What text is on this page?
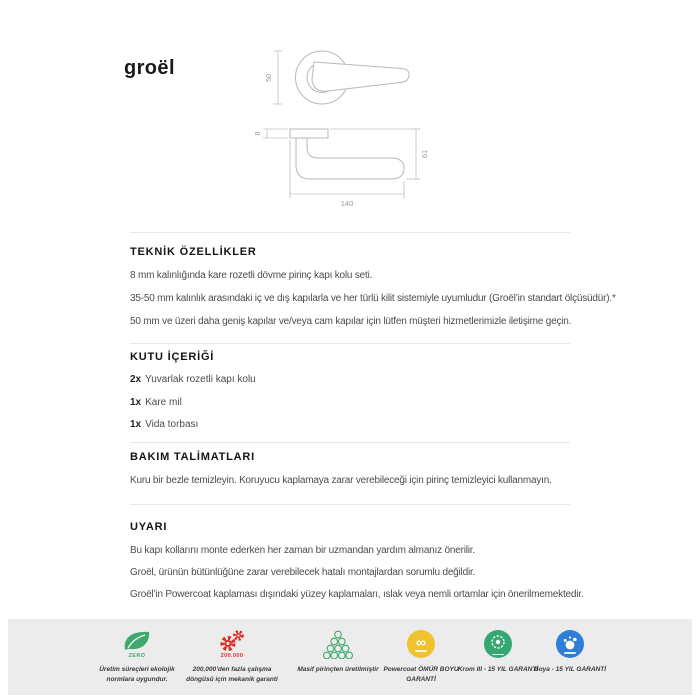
groël	50
8
61
140
TEKNİK ÖZELLİKLER
8 mm kalınlığında kare rozetli dövme pirinç kapı kolu seti.
35-50 mm kalınlık arasındaki iç ve dış kapılarla ve her türlü kilit sistemiyle uyumludur (Groël’in standart ölçüsüdür).*
50 mm ve üzeri daha geniş kapılar ve/veya cam kapılar için lütfen müşteri hizmetlerimizle iletişime geçin.
KUTU İÇERİĞİ
2x Yuvarlak rozetli kapı kolu
1x Kare mil
1x Vida torbası
BAKIM TALİMATLARI
Kuru bir bezle temizleyin. Koruyucu kaplamaya zarar verebileceği için pirinç temizleyici kullanmayın.
UYARI
Bu kapı kollarını monte ederken her zaman bir uzmandan yardım almanız önerilir.
Groël, ürünün bütünlüğüne zarar verebilecek hatalı montajlardan sorumlu değildir.
Groël’in Powercoat kaplaması dışındaki yüzey kaplamaları, ıslak veya nemli ortamlar için önerilmemektedir.
ZERO
Üretim süreçleri ekolojik normlara uygundur.
200.000
200.000’den fazla çalışma döngüsü için mekanik garanti
Masif pirinçten üretilmiştir
∞
Powercoat ÖMÜR BOYU GARANTİ
Krom III - 15 YIL GARANTİ
Boya - 15 YIL GARANTİ
